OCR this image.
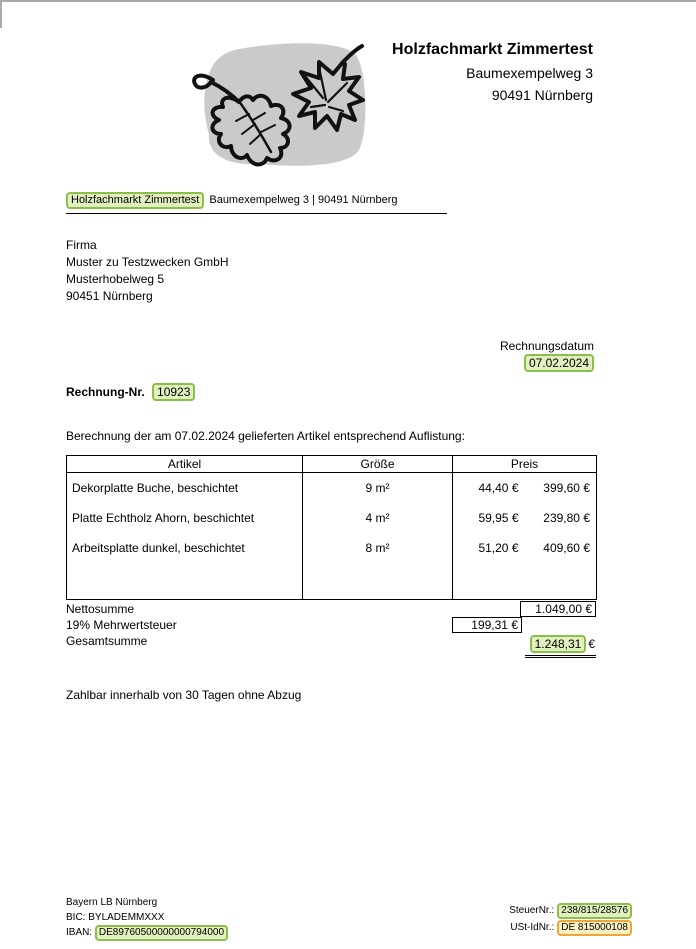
Holzfachmarkt Zimmertest
Baumexempelweg 3
90491 Nürnberg
Holzfachmarkt Zimmertest Baumexempelweg 3 | 90491 Nürnberg
Firma
Muster zu Testzwecken GmbH
Musterhobelweg 5
90451 Nürnberg
Rechnungsdatum
07.02.2024
Rechnung-Nr. 10923
Berechnung der am 07.02.2024 gelieferten Artikel entsprechend Auflistung:
Artikel	Größe	Preis	
Dekorplatte Buche, beschichtet	9 m²	44,40 €	399,60 €
Platte Echtholz Ahorn, beschichtet	4 m²	59,95 €	239,80 €
Arbeitsplatte dunkel, beschichtet	8 m²	51,20 €	409,60 €

Nettosumme	1.049,00 €
19% Mehrwertsteuer	199,31 €
Gesamtsumme	1.248,31 €
Zahlbar innerhalb von 30 Tagen ohne Abzug
Bayern LB Nürnberg
BIC: BYLADEMMXXX
IBAN: DE89760500000000794000
SteuerNr.: 238/815/28576
USt-IdNr.: DE 815000108
